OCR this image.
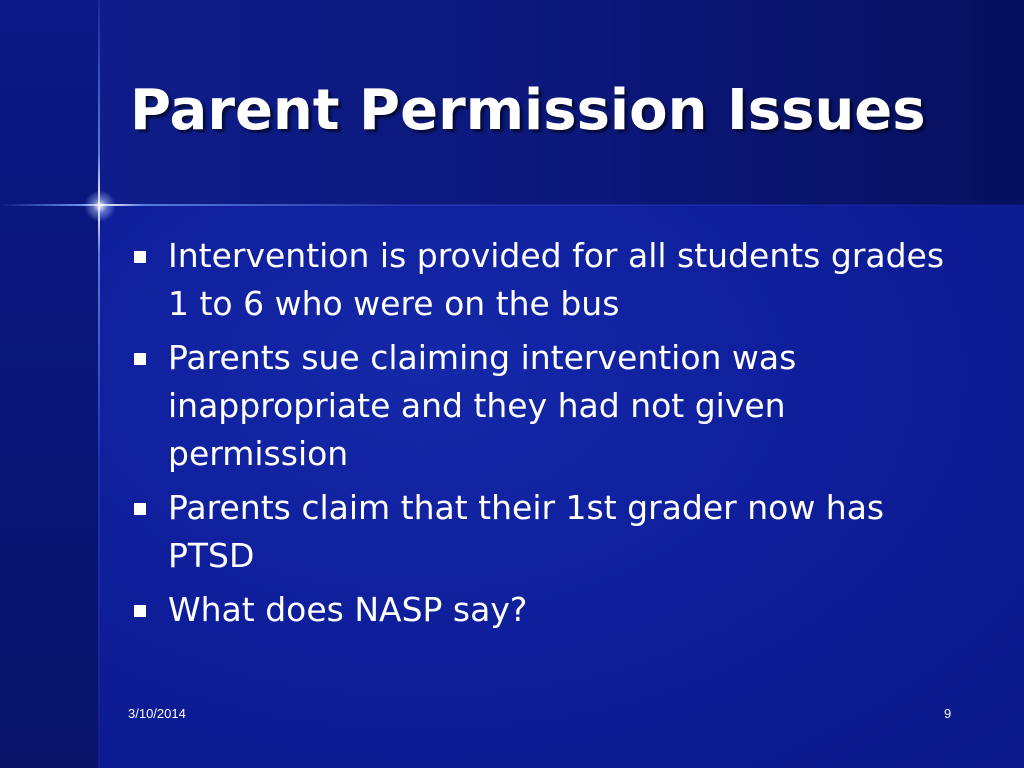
Parent Permission Issues
Intervention is provided for all students grades 1 to 6 who were on the bus
Parents sue claiming intervention was inappropriate and they had not given permission
Parents claim that their 1st grader now has PTSD
What does NASP say?
3/10/2014	9
